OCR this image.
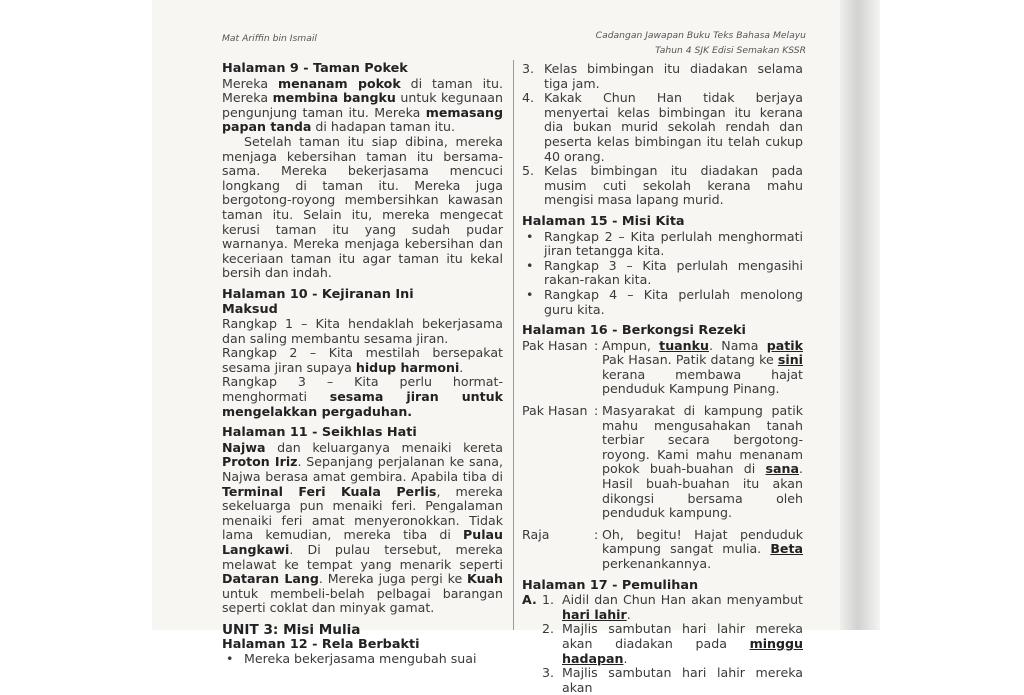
Mat Ariffin bin Ismail	Cadangan Jawapan Buku Teks Bahasa Melayu
Tahun 4 SJK Edisi Semakan KSSR
Halaman 9 - Taman Pokek

Mereka menanam pokok di taman itu. Mereka membina bangku untuk kegunaan pengunjung taman itu. Mereka memasang papan tanda di hadapan taman itu.

Setelah taman itu siap dibina, mereka menjaga kebersihan taman itu bersama-sama. Mereka bekerjasama mencuci longkang di taman itu. Mereka juga bergotong-royong membersihkan kawasan taman itu. Selain itu, mereka mengecat kerusi taman itu yang sudah pudar warnanya. Mereka menjaga kebersihan dan keceriaan taman itu agar taman itu kekal bersih dan indah.

Halaman 10 - Kejiranan Ini
Maksud

Rangkap 1 – Kita hendaklah bekerjasama dan saling membantu sesama jiran.

Rangkap 2 – Kita mestilah bersepakat sesama jiran supaya hidup harmoni.

Rangkap 3 – Kita perlu hormat-menghormati sesama jiran untuk mengelakkan pergaduhan.

Halaman 11 - Seikhlas Hati

Najwa dan keluarganya menaiki kereta Proton Iriz. Sepanjang perjalanan ke sana, Najwa berasa amat gembira. Apabila tiba di Terminal Feri Kuala Perlis, mereka sekeluarga pun menaiki feri. Pengalaman menaiki feri amat menyeronokkan. Tidak lama kemudian, mereka tiba di Pulau Langkawi. Di pulau tersebut, mereka melawat ke tempat yang menarik seperti Dataran Lang. Mereka juga pergi ke Kuah untuk membeli-belah pelbagai barangan seperti coklat dan minyak gamat.

UNIT 3: Misi Mulia
Halaman 12 - Rela Berbakti
• Mereka bekerjasama mengubah suai
3. Kelas bimbingan itu diadakan selama tiga jam.
4. Kakak Chun Han tidak berjaya menyertai kelas bimbingan itu kerana dia bukan murid sekolah rendah dan peserta kelas bimbingan itu telah cukup 40 orang.
5. Kelas bimbingan itu diadakan pada musim cuti sekolah kerana mahu mengisi masa lapang murid.
Halaman 15 - Misi Kita
• Rangkap 2 – Kita perlulah menghormati jiran tetangga kita.
• Rangkap 3 – Kita perlulah mengasihi rakan-rakan kita.
• Rangkap 4 – Kita perlulah menolong guru kita.
Halaman 16 - Berkongsi Rezeki
Pak Hasan : Ampun, tuanku. Nama patik Pak Hasan. Patik datang ke sini kerana membawa hajat penduduk Kampung Pinang.
Pak Hasan : Masyarakat di kampung patik mahu mengusahakan tanah terbiar secara bergotong-royong. Kami mahu menanam pokok buah-buahan di sana. Hasil buah-buahan itu akan dikongsi bersama oleh penduduk kampung.
Raja	: Oh, begitu! Hajat penduduk kampung sangat mulia. Beta perkenankannya.
Halaman 17 - Pemulihan
A. 1. Aidil dan Chun Han akan menyambut hari lahir.
2. Majlis sambutan hari lahir mereka akan diadakan pada minggu hadapan.
3. Majlis sambutan hari lahir mereka akan
